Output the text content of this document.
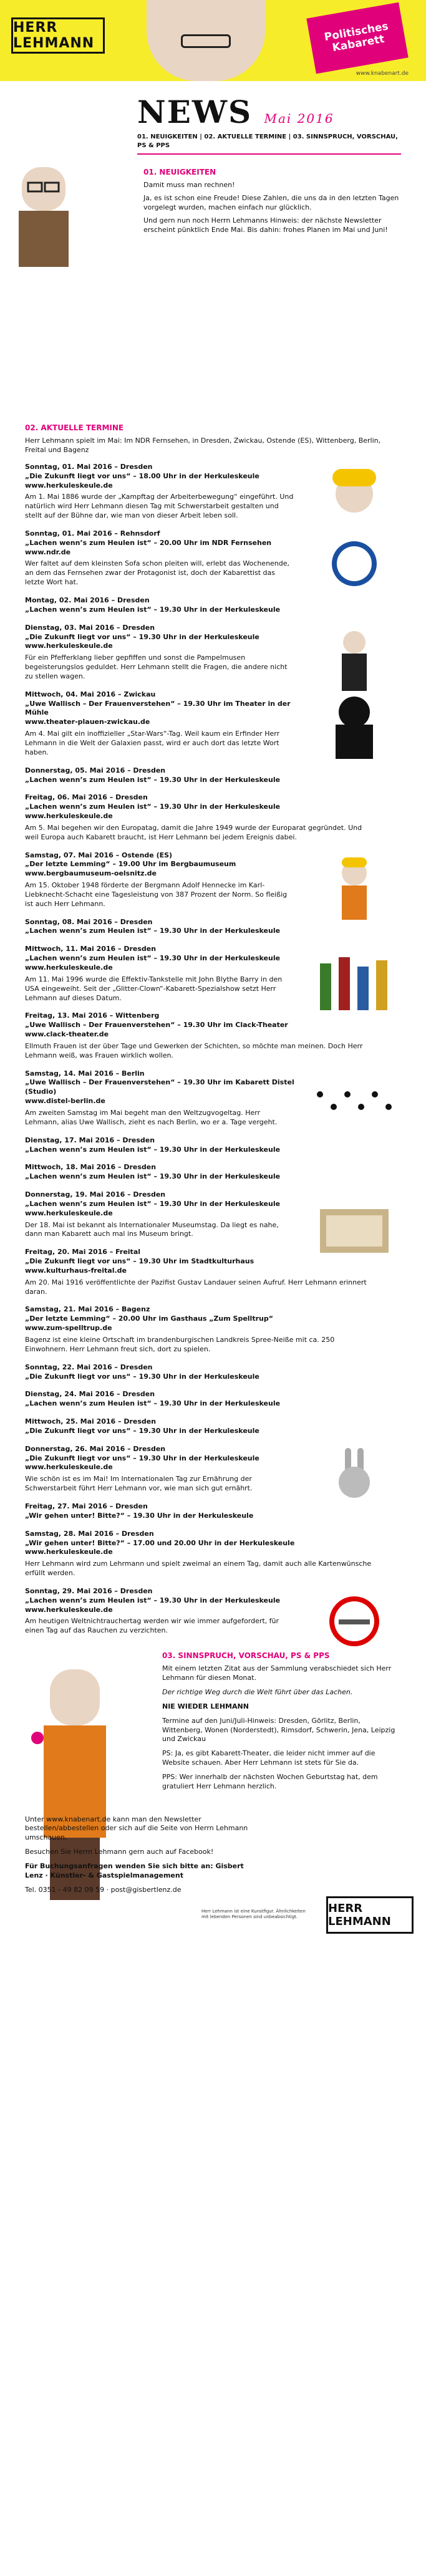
HERR LEHMANN	Politisches Kabarett
www.knabenart.de
NEWS Mai 2016
01. NEUIGKEITEN | 02. AKTUELLE TERMINE | 03. SINNSPRUCH, VORSCHAU, PS & PPS
01. NEUIGKEITEN

Damit muss man rechnen!

Ja, es ist schon eine Freude! Diese Zahlen, die uns da in den letzten Tagen vorgelegt wurden, machen einfach nur glücklich.

Und gern nun noch Herrn Lehmanns Hinweis: der nächste Newsletter erscheint pünktlich Ende Mai. Bis dahin: frohes Planen im Mai und Juni!

02. AKTUELLE TERMINE

Herr Lehmann spielt im Mai: Im NDR Fernsehen, in Dresden, Zwickau, Ostende (ES), Wittenberg, Berlin, Freital und Bagenz

Sonntag, 01. Mai 2016 – Dresden
„Die Zukunft liegt vor uns“ – 18.00 Uhr in der Herkuleskeule
www.herkuleskeule.de
Am 1. Mai 1886 wurde der „Kampftag der Arbeiterbewegung“ eingeführt. Und natürlich wird Herr Lehmann diesen Tag mit Schwerstarbeit gestalten und stellt auf der Bühne dar, wie man von dieser Arbeit leben soll.
Sonntag, 01. Mai 2016 – Rehnsdorf
„Lachen wenn’s zum Heulen ist“ – 20.00 Uhr im NDR Fernsehen
www.ndr.de
Wer faltet auf dem kleinsten Sofa schon pleiten will, erlebt das Wochenende, an dem das Fernsehen zwar der Protagonist ist, doch der Kabarettist das letzte Wort hat.
Montag, 02. Mai 2016 – Dresden
„Lachen wenn’s zum Heulen ist“ – 19.30 Uhr in der Herkuleskeule
Dienstag, 03. Mai 2016 – Dresden
„Die Zukunft liegt vor uns“ – 19.30 Uhr in der Herkuleskeule
www.herkuleskeule.de
Für ein Pfefferklang lieber gepfiffen und sonst die Pampelmusen begeisterungslos geduldet. Herr Lehmann stellt die Fragen, die andere nicht zu stellen wagen.
Mittwoch, 04. Mai 2016 – Zwickau
„Uwe Wallisch – Der Frauenverstehen“ – 19.30 Uhr im Theater in der Mühle
www.theater-plauen-zwickau.de
Am 4. Mai gilt ein inoffizieller „Star-Wars“-Tag. Weil kaum ein Erfinder Herr Lehmann in die Welt der Galaxien passt, wird er auch dort das letzte Wort haben.
Donnerstag, 05. Mai 2016 – Dresden
„Lachen wenn’s zum Heulen ist“ – 19.30 Uhr in der Herkuleskeule
Freitag, 06. Mai 2016 – Dresden
„Lachen wenn’s zum Heulen ist“ – 19.30 Uhr in der Herkuleskeule
www.herkuleskeule.de
Am 5. Mai begehen wir den Europatag, damit die Jahre 1949 wurde der Europarat gegründet. Und weil Europa auch Kabarett braucht, ist Herr Lehmann bei jedem Ereignis dabei.
Samstag, 07. Mai 2016 – Ostende (ES)
„Der letzte Lemming“ – 19.00 Uhr im Bergbaumuseum
www.bergbaumuseum-oelsnitz.de
Am 15. Oktober 1948 förderte der Bergmann Adolf Hennecke im Karl-Liebknecht-Schacht eine Tagesleistung von 387 Prozent der Norm. So fleißig ist auch Herr Lehmann.
Sonntag, 08. Mai 2016 – Dresden
„Lachen wenn’s zum Heulen ist“ – 19.30 Uhr in der Herkuleskeule
Mittwoch, 11. Mai 2016 – Dresden
„Lachen wenn’s zum Heulen ist“ – 19.30 Uhr in der Herkuleskeule
www.herkuleskeule.de
Am 11. Mai 1996 wurde die Effektiv-Tankstelle mit John Blythe Barry in den USA eingeweiht. Seit der „Glitter-Clown“-Kabarett-Spezialshow setzt Herr Lehmann auf dieses Datum.
Freitag, 13. Mai 2016 – Wittenberg
„Uwe Wallisch – Der Frauenverstehen“ – 19.30 Uhr im Clack-Theater
www.clack-theater.de
Ellmuth Frauen ist der über Tage und Gewerken der Schichten, so möchte man meinen. Doch Herr Lehmann weiß, was Frauen wirklich wollen.
Samstag, 14. Mai 2016 – Berlin
„Uwe Wallisch – Der Frauenverstehen“ – 19.30 Uhr im Kabarett Distel (Studio)
www.distel-berlin.de
Am zweiten Samstag im Mai begeht man den Weltzugvogeltag. Herr Lehmann, alias Uwe Wallisch, zieht es nach Berlin, wo er a. Tage vergeht.
Dienstag, 17. Mai 2016 – Dresden
„Lachen wenn’s zum Heulen ist“ – 19.30 Uhr in der Herkuleskeule
Mittwoch, 18. Mai 2016 – Dresden
„Lachen wenn’s zum Heulen ist“ – 19.30 Uhr in der Herkuleskeule
Donnerstag, 19. Mai 2016 – Dresden
„Lachen wenn’s zum Heulen ist“ – 19.30 Uhr in der Herkuleskeule
www.herkuleskeule.de
Der 18. Mai ist bekannt als Internationaler Museumstag. Da liegt es nahe, dann man Kabarett auch mal ins Museum bringt.
Freitag, 20. Mai 2016 – Freital
„Die Zukunft liegt vor uns“ – 19.30 Uhr im Stadtkulturhaus
www.kulturhaus-freital.de
Am 20. Mai 1916 veröffentlichte der Pazifist Gustav Landauer seinen Aufruf. Herr Lehmann erinnert daran.
Samstag, 21. Mai 2016 – Bagenz
„Der letzte Lemming“ – 20.00 Uhr im Gasthaus „Zum Spelltrup“
www.zum-spelltrup.de
Bagenz ist eine kleine Ortschaft im brandenburgischen Landkreis Spree-Neiße mit ca. 250 Einwohnern. Herr Lehmann freut sich, dort zu spielen.
Sonntag, 22. Mai 2016 – Dresden
„Die Zukunft liegt vor uns“ – 19.30 Uhr in der Herkuleskeule
Dienstag, 24. Mai 2016 – Dresden
„Lachen wenn’s zum Heulen ist“ – 19.30 Uhr in der Herkuleskeule
Mittwoch, 25. Mai 2016 – Dresden
„Die Zukunft liegt vor uns“ – 19.30 Uhr in der Herkuleskeule
Donnerstag, 26. Mai 2016 – Dresden
„Die Zukunft liegt vor uns“ – 19.30 Uhr in der Herkuleskeule
www.herkuleskeule.de
Wie schön ist es im Mai! Im Internationalen Tag zur Ernährung der Schwerstarbeit führt Herr Lehmann vor, wie man sich gut ernährt.
Freitag, 27. Mai 2016 – Dresden
„Wir gehen unter! Bitte?“ – 19.30 Uhr in der Herkuleskeule
Samstag, 28. Mai 2016 – Dresden
„Wir gehen unter! Bitte?“ – 17.00 und 20.00 Uhr in der Herkuleskeule
www.herkuleskeule.de
Herr Lehmann wird zum Lehrmann und spielt zweimal an einem Tag, damit auch alle Kartenwünsche erfüllt werden.
Sonntag, 29. Mai 2016 – Dresden
„Lachen wenn’s zum Heulen ist“ – 19.30 Uhr in der Herkuleskeule
www.herkuleskeule.de
Am heutigen Weltnichtrauchertag werden wir wie immer aufgefordert, für einen Tag auf das Rauchen zu verzichten.
03. SINNSPRUCH, VORSCHAU, PS & PPS

Mit einem letzten Zitat aus der Sammlung verabschiedet sich Herr Lehmann für diesen Monat.

Der richtige Weg durch die Welt führt über das Lachen.

NIE WIEDER LEHMANN

Termine auf den Juni/Juli-Hinweis: Dresden, Görlitz, Berlin, Wittenberg, Wonen (Norderstedt), Rimsdorf, Schwerin, Jena, Leipzig und Zwickau

PS: Ja, es gibt Kabarett-Theater, die leider nicht immer auf die Website schauen. Aber Herr Lehmann ist stets für Sie da.

PPS: Wer innerhalb der nächsten Wochen Geburtstag hat, dem gratuliert Herr Lehmann herzlich.

Unter www.knabenart.de kann man den Newsletter bestellen/abbestellen oder sich auf die Seite von Herrn Lehmann umschauen.

Besuchen Sie Herrn Lehmann gern auch auf Facebook!

Für Buchungsanfragen wenden Sie sich bitte an: Gisbert Lenz · Künstler- & Gastspielmanagement

Tel. 0351 - 49 82 09 59 · post@gisbertlenz.de

Herr Lehmann ist eine Kunstfigur. Ähnlichkeiten mit lebenden Personen sind unbeabsichtigt.
HERR LEHMANN
